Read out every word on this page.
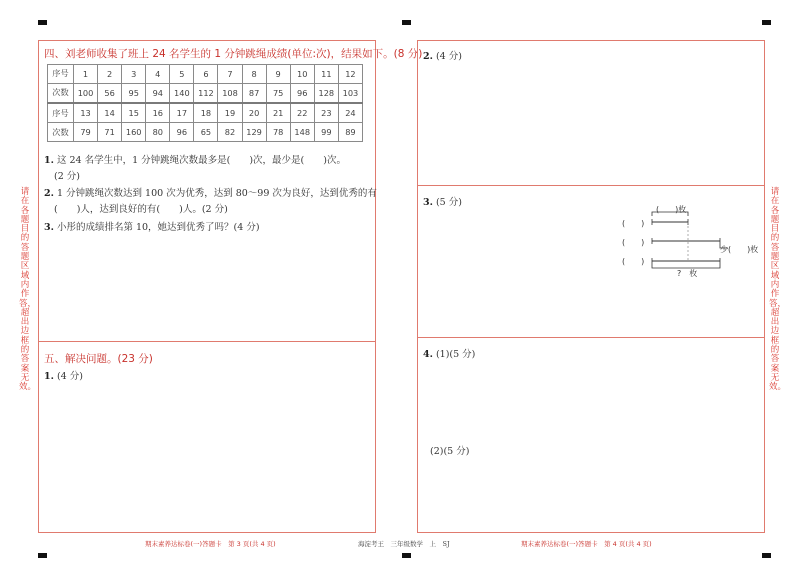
请在各题目的答题区域内作答，超出边框的答案无效。
请在各题目的答题区域内作答，超出边框的答案无效。
四、刘老师收集了班上 24 名学生的 1 分钟跳绳成绩(单位:次)，结果如下。(8 分)
序号	1	2	3	4	5	6	7	8	9	10	11	12
次数	100	56	95	94	140	112	108	87	75	96	128	103
序号	13	14	15	16	17	18	19	20	21	22	23	24
次数	79	71	160	80	96	65	82	129	78	148	99	89
1. 这 24 名学生中，1 分钟跳绳次数最多是(　　)次，最少是(　　)次。
(2 分)
2. 1 分钟跳绳次数达到 100 次为优秀，达到 80～99 次为良好，达到优秀的有
(　　)人，达到良好的有(　　)人。(2 分)
3. 小彤的成绩排名第 10，她达到优秀了吗？(4 分)
五、解决问题。(23 分)
1. (4 分)
2. (4 分)
3. (5 分)
(　　)枚
(　　)
(　　)
(　　)
少(　　)枚
?　枚
4. (1)(5 分)
(2)(5 分)
期末素养达标卷(一)答题卡　第 3 页(共 4 页)	海淀考王　三年级数学　上　SJ	期末素养达标卷(一)答题卡　第 4 页(共 4 页)
